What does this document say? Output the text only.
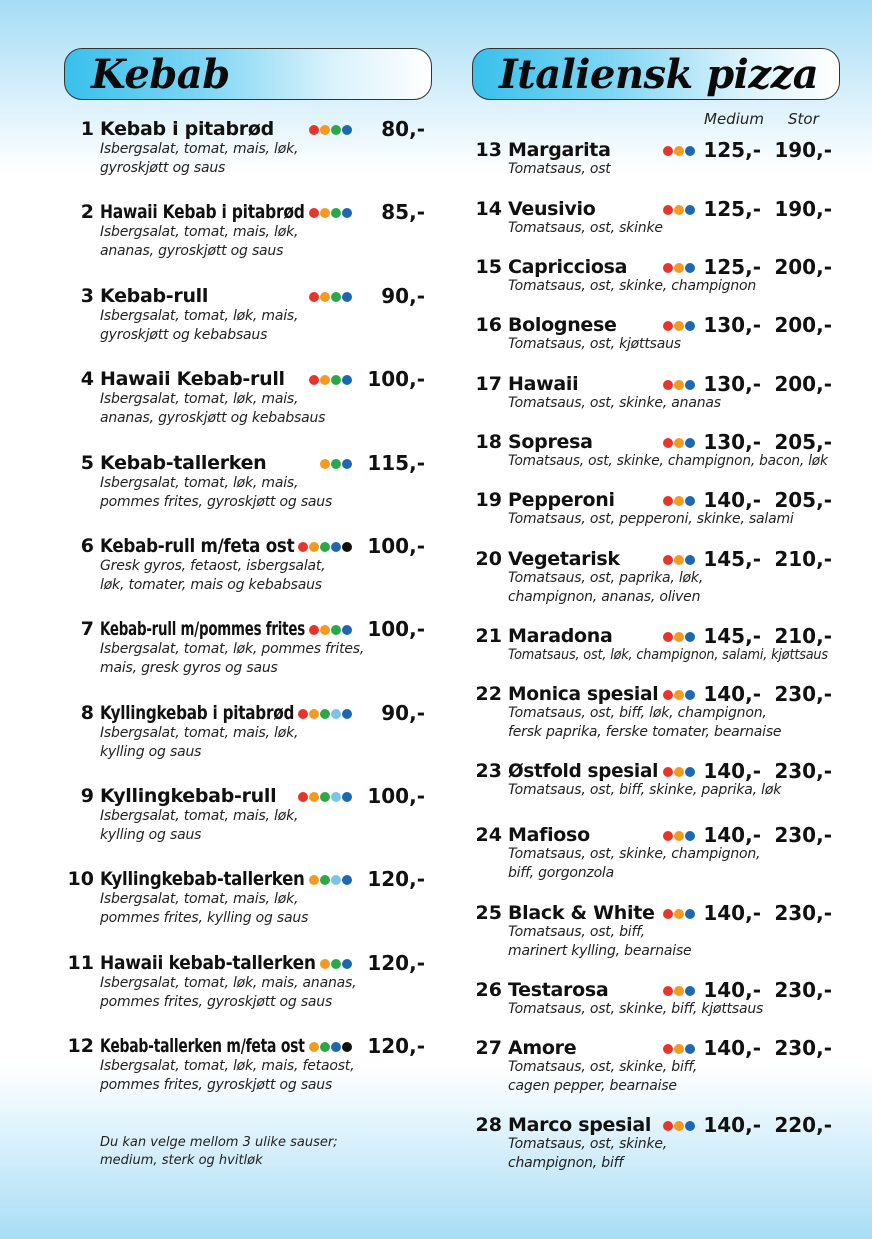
Kebab
1 Kebab i pitabrød	80,-
Isbergsalat, tomat, mais, løk,
gyroskjøtt og saus
2 Hawaii Kebab i pitabrød	85,-
Isbergsalat, tomat, mais, løk,
ananas, gyroskjøtt og saus
3 Kebab-rull	90,-
Isbergsalat, tomat, løk, mais,
gyroskjøtt og kebabsaus
4 Hawaii Kebab-rull	100,-
Isbergsalat, tomat, løk, mais,
ananas, gyroskjøtt og kebabsaus
5 Kebab-tallerken	115,-
Isbergsalat, tomat, løk, mais,
pommes frites, gyroskjøtt og saus
6 Kebab-rull m/feta ost	100,-
Gresk gyros, fetaost, isbergsalat,
løk, tomater, mais og kebabsaus
7 Kebab-rull m/pommes frites	100,-
Isbergsalat, tomat, løk, pommes frites,
mais, gresk gyros og saus
8 Kyllingkebab i pitabrød	90,-
Isbergsalat, tomat, mais, løk,
kylling og saus
9 Kyllingkebab-rull	100,-
Isbergsalat, tomat, mais, løk,
kylling og saus
10 Kyllingkebab-tallerken	120,-
Isbergsalat, tomat, mais, løk,
pommes frites, kylling og saus
11 Hawaii kebab-tallerken	120,-
Isbergsalat, tomat, løk, mais, ananas,
pommes frites, gyroskjøtt og saus
12 Kebab-tallerken m/feta ost	120,-
Isbergsalat, tomat, løk, mais, fetaost,
pommes frites, gyroskjøtt og saus
Du kan velge mellom 3 ulike sauser;
medium, sterk og hvitløk
Italiensk pizza
Medium Stor
13 Margarita	125,- 190,-
Tomatsaus, ost
14 Veusivio	125,- 190,-
Tomatsaus, ost, skinke
15 Capricciosa	125,- 200,-
Tomatsaus, ost, skinke, champignon
16 Bolognese	130,- 200,-
Tomatsaus, ost, kjøttsaus
17 Hawaii	130,- 200,-
Tomatsaus, ost, skinke, ananas
18 Sopresa	130,- 205,-
Tomatsaus, ost, skinke, champignon, bacon, løk
19 Pepperoni	140,- 205,-
Tomatsaus, ost, pepperoni, skinke, salami
20 Vegetarisk	145,- 210,-
Tomatsaus, ost, paprika, løk,
champignon, ananas, oliven
21 Maradona	145,- 210,-
Tomatsaus, ost, løk, champignon, salami, kjøttsaus
22 Monica spesial 140,- 230,-
Tomatsaus, ost, biff, løk, champignon,
fersk paprika, ferske tomater, bearnaise
23 Østfold spesial 140,- 230,-
Tomatsaus, ost, biff, skinke, paprika, løk
24 Mafioso	140,- 230,-
Tomatsaus, ost, skinke, champignon,
biff, gorgonzola
25 Black & White 140,- 230,-
Tomatsaus, ost, biff,
marinert kylling, bearnaise
26 Testarosa	140,- 230,-
Tomatsaus, ost, skinke, biff, kjøttsaus
27 Amore	140,- 230,-
Tomatsaus, ost, skinke, biff,
cagen pepper, bearnaise
28 Marco spesial	140,- 220,-
Tomatsaus, ost, skinke,
champignon, biff
